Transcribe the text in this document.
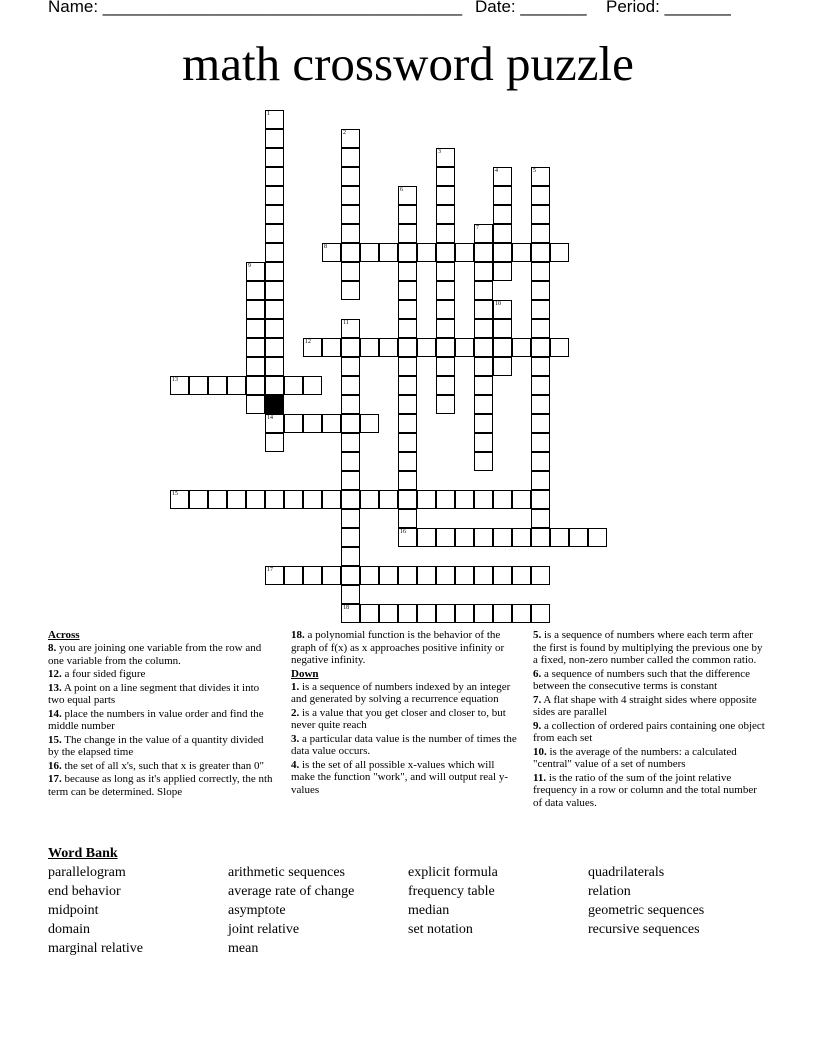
Name: ______________________________________ Date: _______ Period: _______
math crossword puzzle
1
14
2
3
4	5
6
16
7
8
9
10
11
18
12
13
15
17
Across
8. you are joining one variable from the row and one variable from the column.
12. a four sided figure
13. A point on a line segment that divides it into two equal parts
14. place the numbers in value order and find the middle number
15. The change in the value of a quantity divided by the elapsed time
16. the set of all x's, such that x is greater than 0"
17. because as long as it's applied correctly, the nth term can be determined. Slope
18. a polynomial function is the behavior of the graph of f(x) as x approaches positive infinity or negative infinity.
Down
1. is a sequence of numbers indexed by an integer and generated by solving a recurrence equation
2. is a value that you get closer and closer to, but never quite reach
3. a particular data value is the number of times the data value occurs.
4. is the set of all possible x-values which will make the function "work", and will output real y-values
5. is a sequence of numbers where each term after the first is found by multiplying the previous one by a fixed, non-zero number called the common ratio.
6. a sequence of numbers such that the difference between the consecutive terms is constant
7. A flat shape with 4 straight sides where opposite sides are parallel
9. a collection of ordered pairs containing one object from each set
10. is the average of the numbers: a calculated "central" value of a set of numbers
11. is the ratio of the sum of the joint relative frequency in a row or column and the total number of data values.
Word Bank
parallelogram
end behavior
midpoint
domain
marginal relative
arithmetic sequences
average rate of change
asymptote
joint relative
mean
explicit formula
frequency table
median
set notation
quadrilaterals
relation
geometric sequences
recursive sequences
